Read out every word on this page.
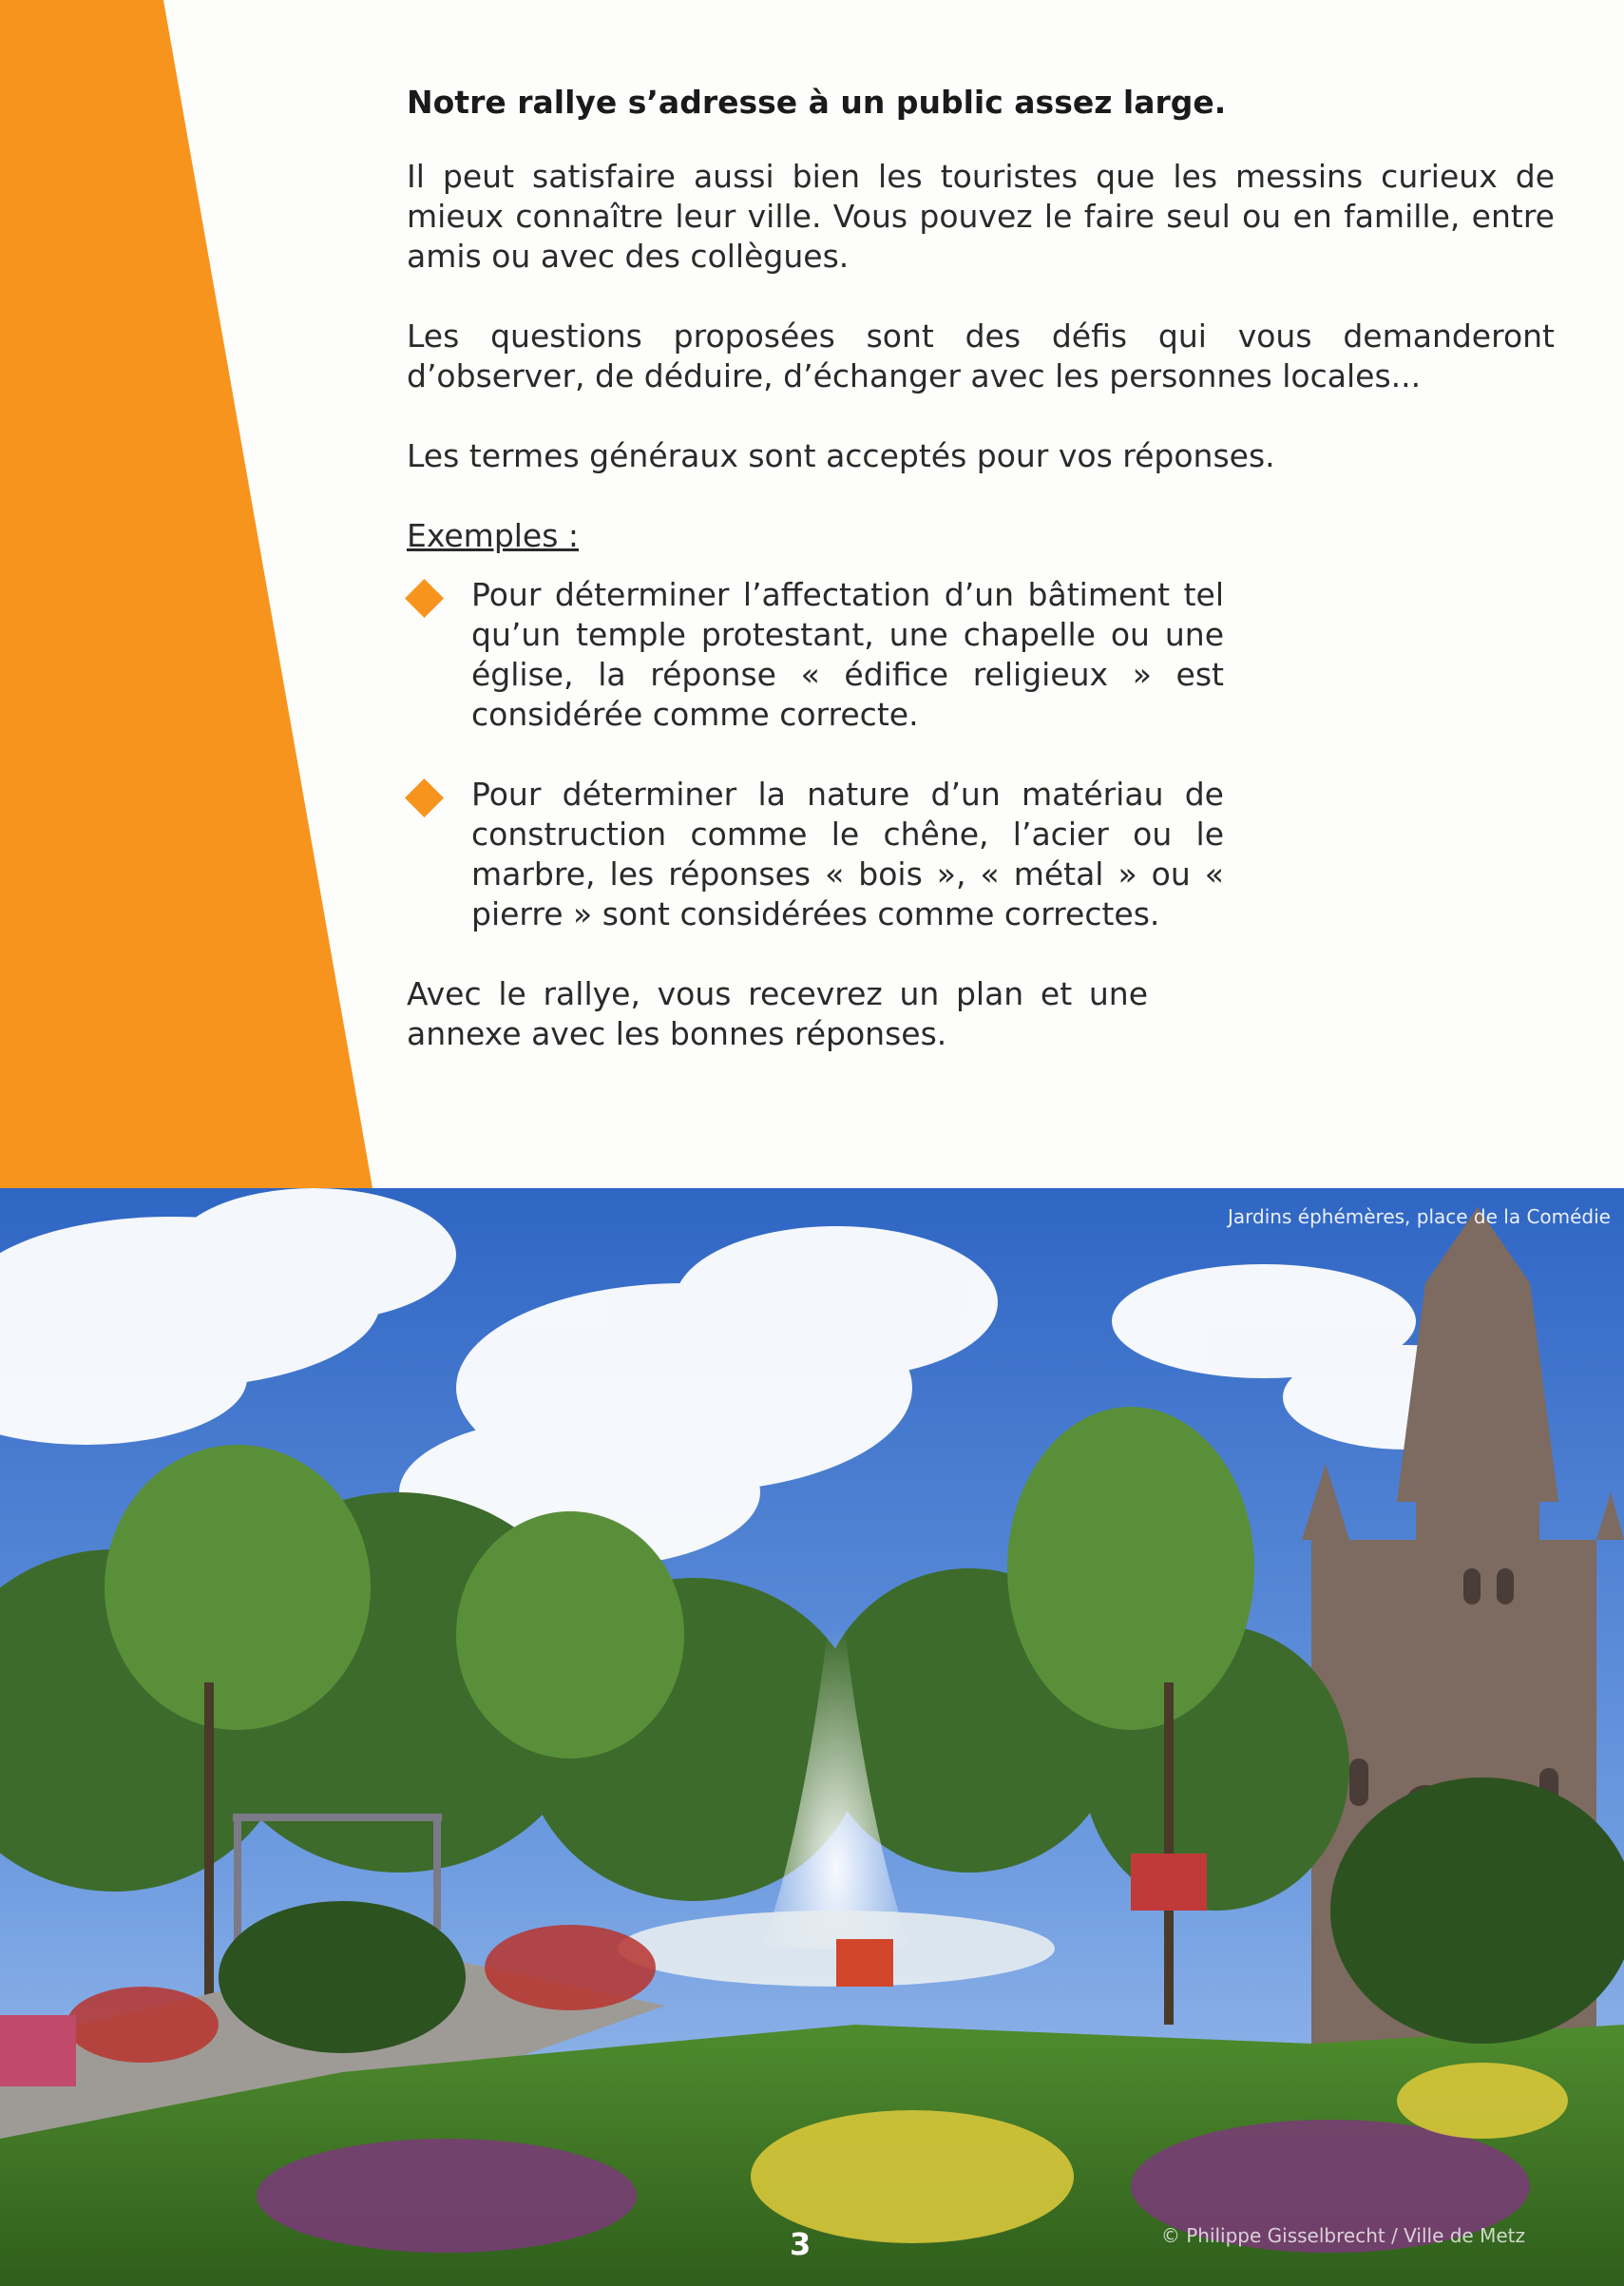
Notre rallye s’adresse à un public assez large.

Il peut satisfaire aussi bien les touristes que les messins curieux de mieux connaître leur ville. Vous pouvez le faire seul ou en famille, entre amis ou avec des collègues.

Les questions proposées sont des défis qui vous demanderont d’observer, de déduire, d’échanger avec les personnes locales...

Les termes généraux sont acceptés pour vos réponses.

Exemples :
Pour déterminer l’affectation d’un bâtiment tel qu’un temple protestant, une chapelle ou une église, la réponse « édifice religieux » est considérée comme correcte.
Pour déterminer la nature d’un matériau de construction comme le chêne, l’acier ou le marbre, les réponses « bois », « métal » ou « pierre » sont considérées comme correctes.

Avec le rallye, vous recevrez un plan et une annexe avec les bonnes réponses.

Jardins éphémères, place de la Comédie
3	© Philippe Gisselbrecht / Ville de Metz
